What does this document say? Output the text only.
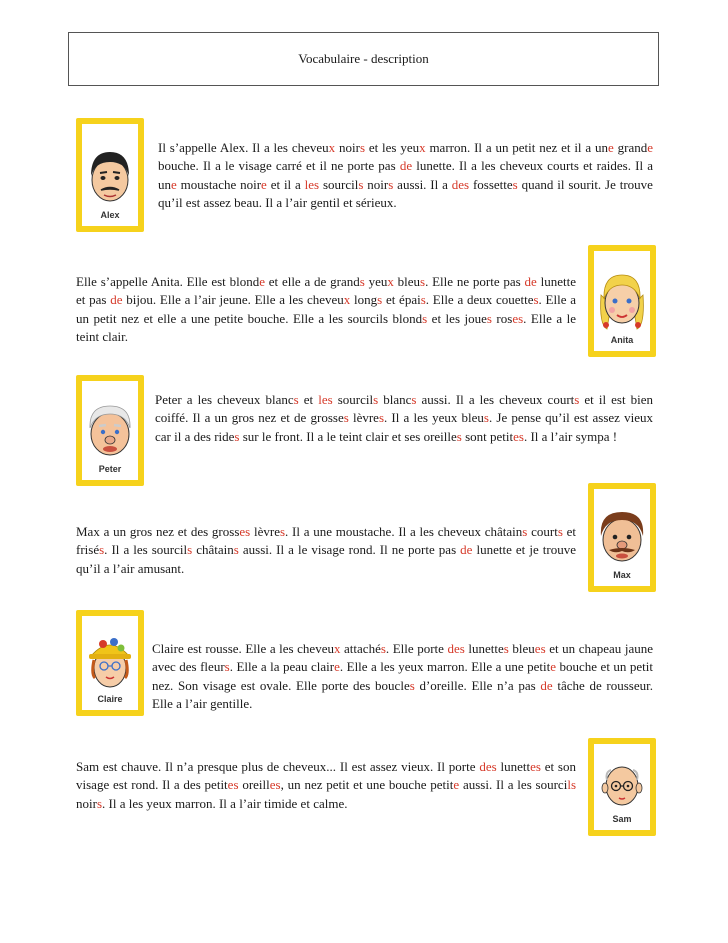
Vocabulaire - description
Alex
Il s’appelle Alex. Il a les cheveux noirs et les yeux marron. Il a un petit nez et il a une grande bouche. Il a le visage carré et il ne porte pas de lunette. Il a les cheveux courts et raides. Il a une moustache noire et il a les sourcils noirs aussi. Il a des fossettes quand il sourit. Je trouve qu’il est assez beau. Il a l’air gentil et sérieux.
Elle s’appelle Anita. Elle est blonde et elle a de grands yeux bleus. Elle ne porte pas de lunette et pas de bijou. Elle a l’air jeune. Elle a les cheveux longs et épais. Elle a deux couettes. Elle a un petit nez et elle a une petite bouche. Elle a les sourcils blonds et les joues roses. Elle a le teint clair.	Anita
Peter
Peter a les cheveux blancs et les sourcils blancs aussi. Il a les cheveux courts et il est bien coiffé. Il a un gros nez et de grosses lèvres. Il a les yeux bleus. Je pense qu’il est assez vieux car il a des rides sur le front. Il a le teint clair et ses oreilles sont petites. Il a l’air sympa !
Max a un gros nez et des grosses lèvres. Il a une moustache. Il a les cheveux châtains courts et frisés. Il a les sourcils châtains aussi. Il a le visage rond. Il ne porte pas de lunette et je trouve qu’il a l’air amusant.	Max
Claire
Claire est rousse. Elle a les cheveux attachés. Elle porte des lunettes bleues et un chapeau jaune avec des fleurs. Elle a la peau claire. Elle a les yeux marron. Elle a une petite bouche et un petit nez. Son visage est ovale. Elle porte des boucles d’oreille. Elle n’a pas de tâche de rousseur. Elle a l’air gentille.
Sam est chauve. Il n’a presque plus de cheveux... Il est assez vieux. Il porte des lunettes et son visage est rond. Il a des petites oreilles, un nez petit et une bouche petite aussi. Il a les sourcils noirs. Il a les yeux marron. Il a l’air timide et calme.
Sam
